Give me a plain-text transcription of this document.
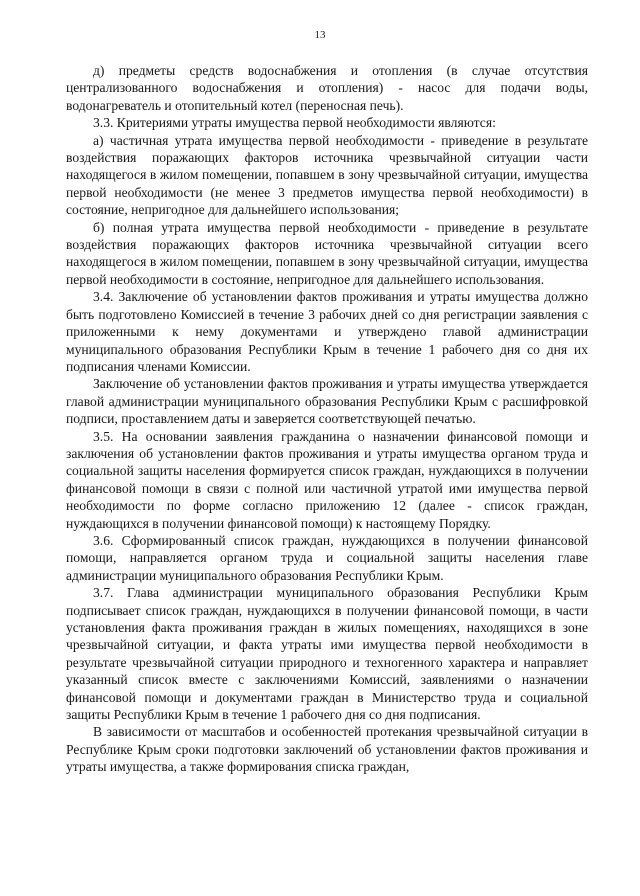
13

д) предметы средств водоснабжения и отопления (в случае отсутствия централизованного водоснабжения и отопления) - насос для подачи воды, водонагреватель и отопительный котел (переносная печь).

3.3. Критериями утраты имущества первой необходимости являются:

а) частичная утрата имущества первой необходимости - приведение в результате воздействия поражающих факторов источника чрезвычайной ситуации части находящегося в жилом помещении, попавшем в зону чрезвычайной ситуации, имущества первой необходимости (не менее 3 предметов имущества первой необходимости) в состояние, непригодное для дальнейшего использования;

б) полная утрата имущества первой необходимости - приведение в результате воздействия поражающих факторов источника чрезвычайной ситуации всего находящегося в жилом помещении, попавшем в зону чрезвычайной ситуации, имущества первой необходимости в состояние, непригодное для дальнейшего использования.

3.4. Заключение об установлении фактов проживания и утраты имущества должно быть подготовлено Комиссией в течение 3 рабочих дней со дня регистрации заявления с приложенными к нему документами и утверждено главой администрации муниципального образования Республики Крым в течение 1 рабочего дня со дня их подписания членами Комиссии.

Заключение об установлении фактов проживания и утраты имущества утверждается главой администрации муниципального образования Республики Крым с расшифровкой подписи, проставлением даты и заверяется соответствующей печатью.

3.5. На основании заявления гражданина о назначении финансовой помощи и заключения об установлении фактов проживания и утраты имущества органом труда и социальной защиты населения формируется список граждан, нуждающихся в получении финансовой помощи в связи с полной или частичной утратой ими имущества первой необходимости по форме согласно приложению 12 (далее - список граждан, нуждающихся в получении финансовой помощи) к настоящему Порядку.

3.6. Сформированный список граждан, нуждающихся в получении финансовой помощи, направляется органом труда и социальной защиты населения главе администрации муниципального образования Республики Крым.

3.7. Глава администрации муниципального образования Республики Крым подписывает список граждан, нуждающихся в получении финансовой помощи, в части установления факта проживания граждан в жилых помещениях, находящихся в зоне чрезвычайной ситуации, и факта утраты ими имущества первой необходимости в результате чрезвычайной ситуации природного и техногенного характера и направляет указанный список вместе с заключениями Комиссий, заявлениями о назначении финансовой помощи и документами граждан в Министерство труда и социальной защиты Республики Крым в течение 1 рабочего дня со дня подписания.

В зависимости от масштабов и особенностей протекания чрезвычайной ситуации в Республике Крым сроки подготовки заключений об установлении фактов проживания и утраты имущества, а также формирования списка граждан,
